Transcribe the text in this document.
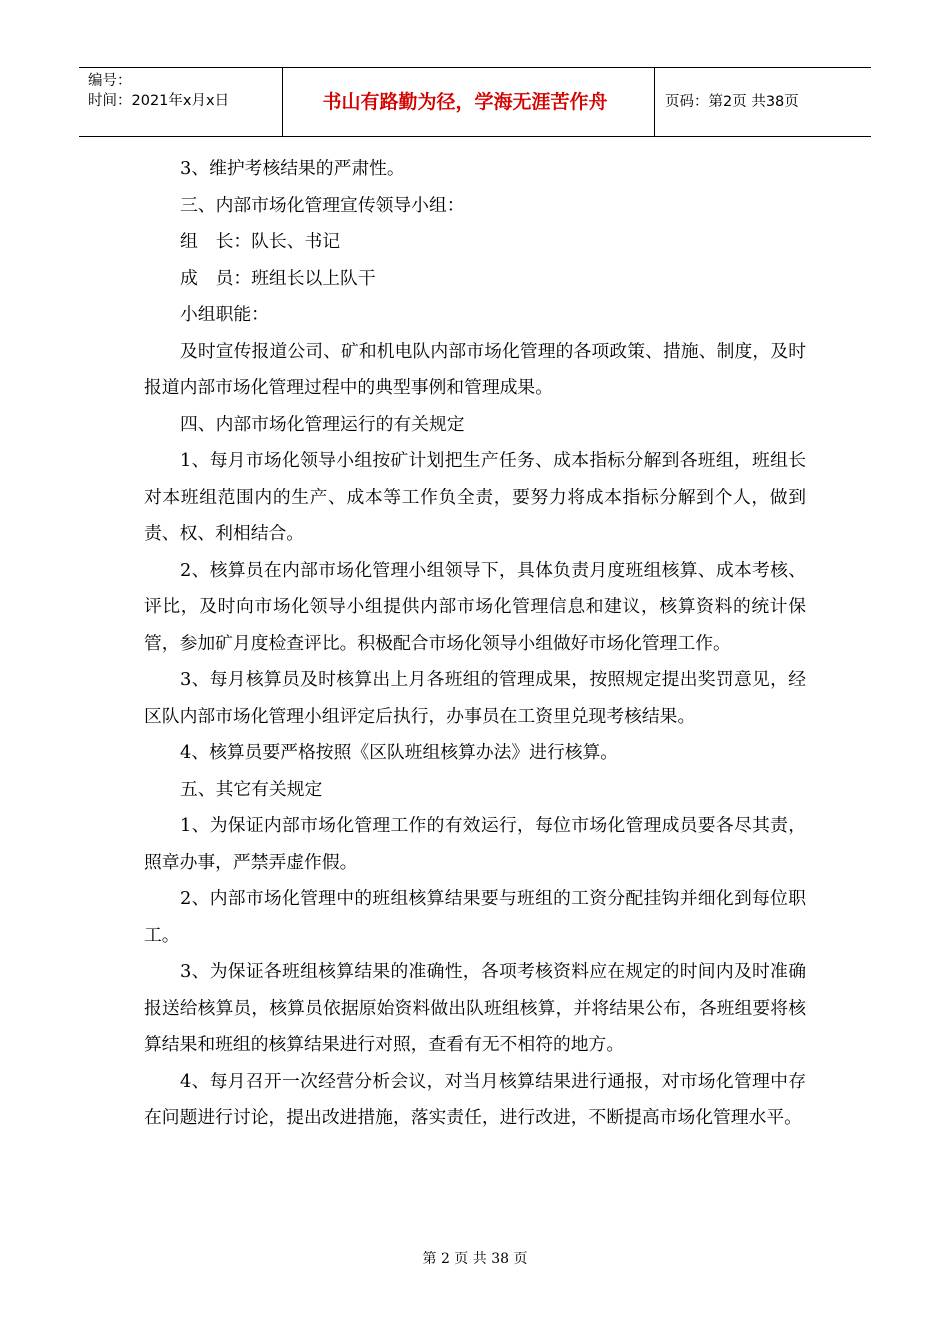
编号：
时间：2021年x月x日	书山有路勤为径，学海无涯苦作舟	页码：第2页 共38页

3、维护考核结果的严肃性。

三、内部市场化管理宣传领导小组：

组　长：队长、书记

成　员：班组长以上队干

小组职能：

及时宣传报道公司、矿和机电队内部市场化管理的各项政策、措施、制度，及时报道内部市场化管理过程中的典型事例和管理成果。

四、内部市场化管理运行的有关规定

1、每月市场化领导小组按矿计划把生产任务、成本指标分解到各班组，班组长对本班组范围内的生产、成本等工作负全责，要努力将成本指标分解到个人，做到责、权、利相结合。

2、核算员在内部市场化管理小组领导下，具体负责月度班组核算、成本考核、评比，及时向市场化领导小组提供内部市场化管理信息和建议，核算资料的统计保管，参加矿月度检查评比。积极配合市场化领导小组做好市场化管理工作。

3、每月核算员及时核算出上月各班组的管理成果，按照规定提出奖罚意见，经区队内部市场化管理小组评定后执行，办事员在工资里兑现考核结果。

4、核算员要严格按照《区队班组核算办法》进行核算。

五、其它有关规定

1、为保证内部市场化管理工作的有效运行，每位市场化管理成员要各尽其责，照章办事，严禁弄虚作假。

2、内部市场化管理中的班组核算结果要与班组的工资分配挂钩并细化到每位职工。

3、为保证各班组核算结果的准确性，各项考核资料应在规定的时间内及时准确报送给核算员，核算员依据原始资料做出队班组核算，并将结果公布，各班组要将核算结果和班组的核算结果进行对照，查看有无不相符的地方。

4、每月召开一次经营分析会议，对当月核算结果进行通报，对市场化管理中存在问题进行讨论，提出改进措施，落实责任，进行改进，不断提高市场化管理水平。

第 2 页 共 38 页
